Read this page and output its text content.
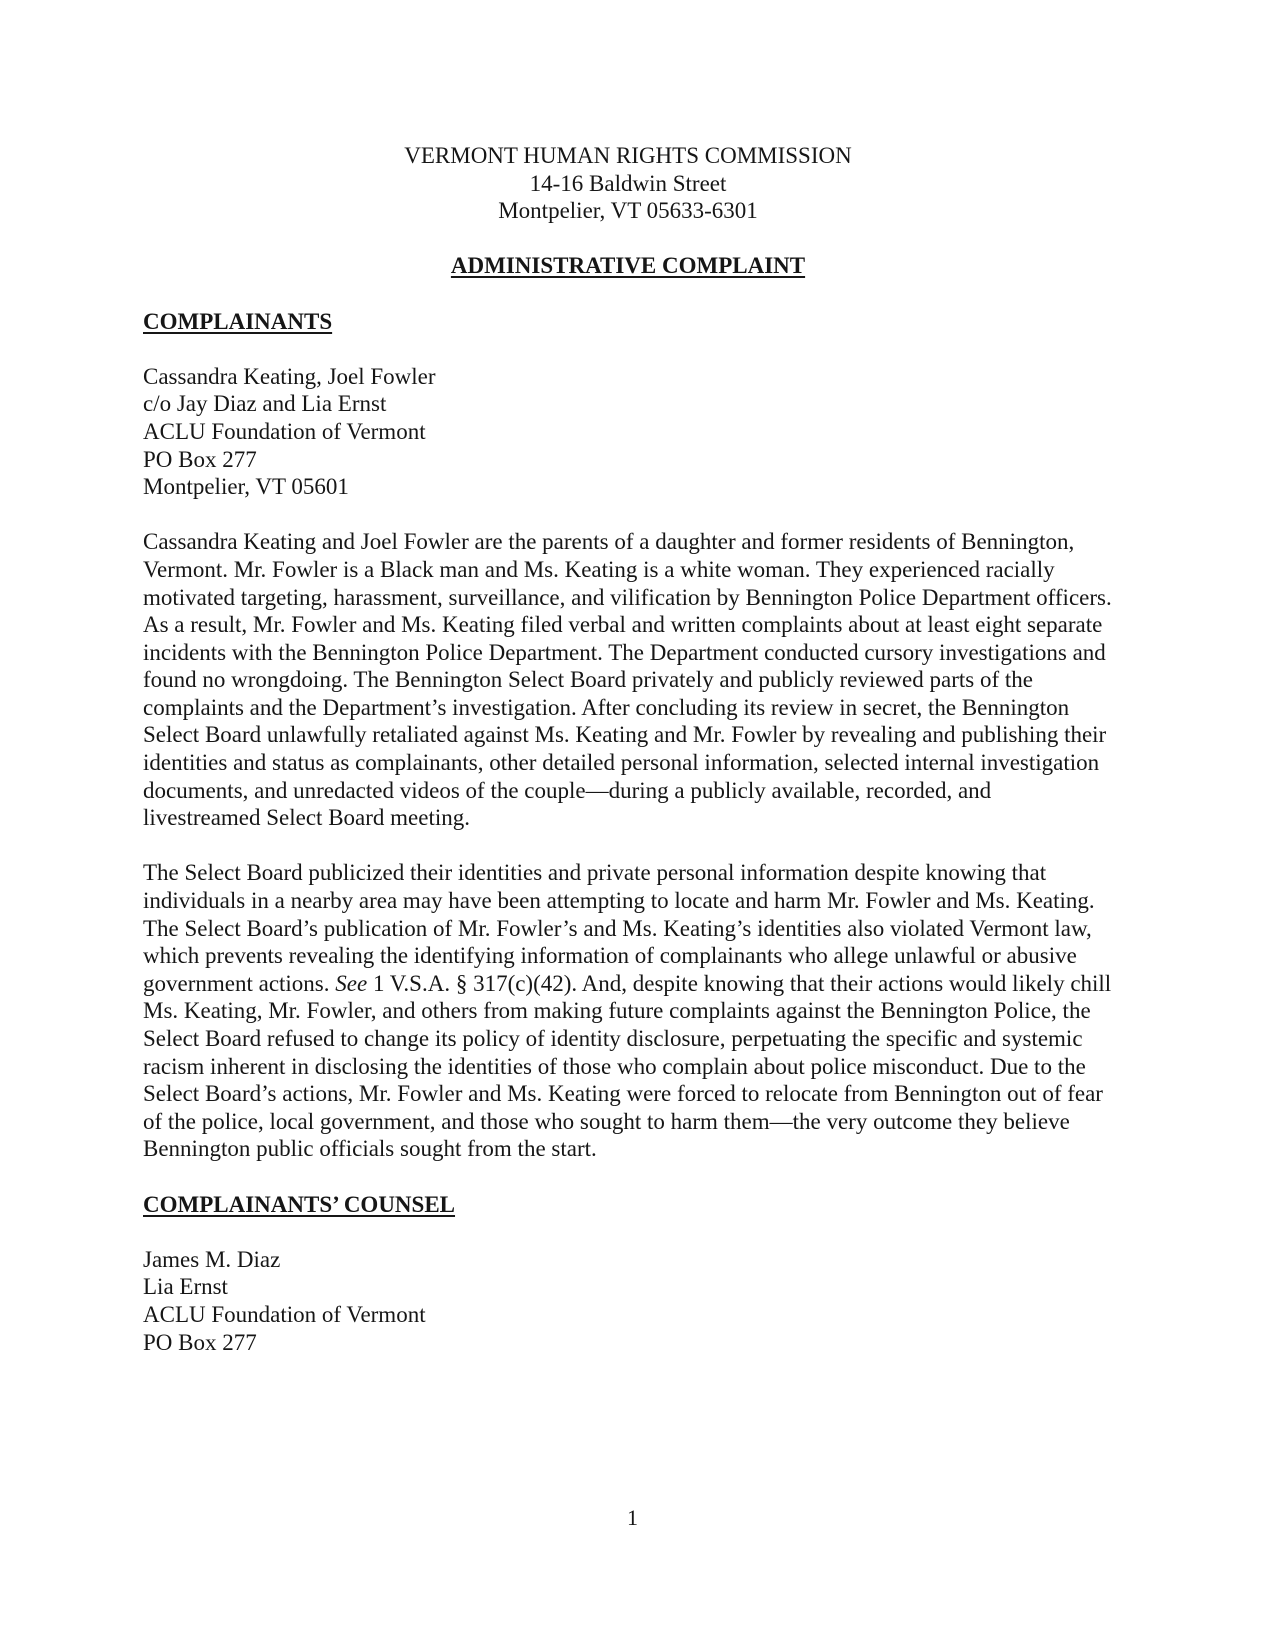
VERMONT HUMAN RIGHTS COMMISSION
14-16 Baldwin Street
Montpelier, VT 05633-6301
ADMINISTRATIVE COMPLAINT
COMPLAINANTS
Cassandra Keating, Joel Fowler
c/o Jay Diaz and Lia Ernst
ACLU Foundation of Vermont
PO Box 277
Montpelier, VT 05601

Cassandra Keating and Joel Fowler are the parents of a daughter and former residents of Bennington, Vermont. Mr. Fowler is a Black man and Ms. Keating is a white woman. They experienced racially motivated targeting, harassment, surveillance, and vilification by Bennington Police Department officers. As a result, Mr. Fowler and Ms. Keating filed verbal and written complaints about at least eight separate incidents with the Bennington Police Department. The Department conducted cursory investigations and found no wrongdoing. The Bennington Select Board privately and publicly reviewed parts of the complaints and the Department’s investigation. After concluding its review in secret, the Bennington Select Board unlawfully retaliated against Ms. Keating and Mr. Fowler by revealing and publishing their identities and status as complainants, other detailed personal information, selected internal investigation documents, and unredacted videos of the couple—during a publicly available, recorded, and livestreamed Select Board meeting.

The Select Board publicized their identities and private personal information despite knowing that individuals in a nearby area may have been attempting to locate and harm Mr. Fowler and Ms. Keating. The Select Board’s publication of Mr. Fowler’s and Ms. Keating’s identities also violated Vermont law, which prevents revealing the identifying information of complainants who allege unlawful or abusive government actions. See 1 V.S.A. § 317(c)(42). And, despite knowing that their actions would likely chill Ms. Keating, Mr. Fowler, and others from making future complaints against the Bennington Police, the Select Board refused to change its policy of identity disclosure, perpetuating the specific and systemic racism inherent in disclosing the identities of those who complain about police misconduct. Due to the Select Board’s actions, Mr. Fowler and Ms. Keating were forced to relocate from Bennington out of fear of the police, local government, and those who sought to harm them—the very outcome they believe Bennington public officials sought from the start.

COMPLAINANTS’ COUNSEL
James M. Diaz
Lia Ernst
ACLU Foundation of Vermont
PO Box 277
1
